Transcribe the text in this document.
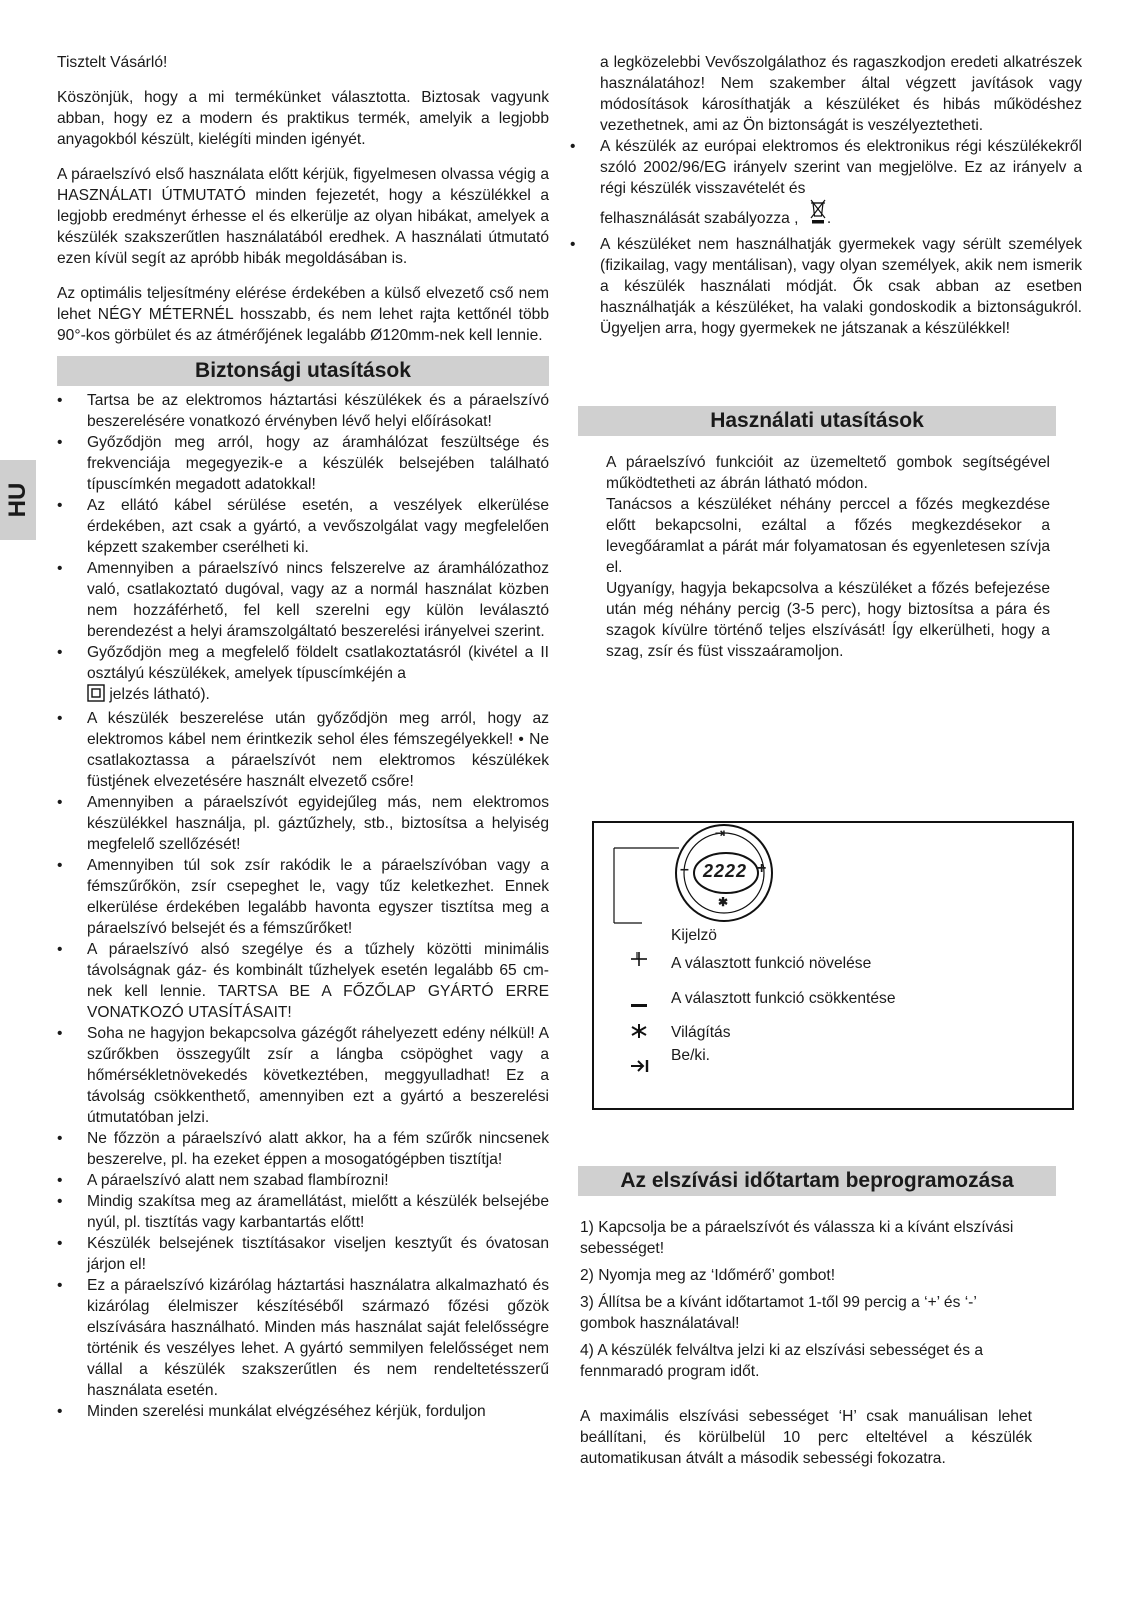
HU

Tisztelt Vásárló!

Köszönjük, hogy a mi termékünket választotta. Biztosak vagyunk abban, hogy ez a modern és praktikus termék, amelyik a legjobb anyagokból készült, kielégíti minden igényét.

A páraelszívó első használata előtt kérjük, figyelmesen olvassa végig a HASZNÁLATI ÚTMUTATÓ minden fejezetét, hogy a készülékkel a legjobb eredményt érhesse el és elkerülje az olyan hibákat, amelyek a készülék szakszerűtlen használatából eredhek. A használati útmutató ezen kívül segít az apróbb hibák megoldásában is.

Az optimális teljesítmény elérése érdekében a külső elvezető cső nem lehet NÉGY MÉTERNÉL hosszabb, és nem lehet rajta kettőnél több 90°-kos görbület és az átmérőjének legalább Ø120mm-nek kell lennie.

Biztonsági utasítások
• Tartsa be az elektromos háztartási készülékek és a páraelszívó beszerelésére vonatkozó érvényben lévő helyi előírásokat!
• Győződjön meg arról, hogy az áramhálózat feszültsége és frekvenciája megegyezik-e a készülék belsejében található típuscímkén megadott adatokkal!
• Az ellátó kábel sérülése esetén, a veszélyek elkerülése érdekében, azt csak a gyártó, a vevőszolgálat vagy megfelelően képzett szakember cserélheti ki.
• Amennyiben a páraelszívó nincs felszerelve az áramhálózathoz való, csatlakoztató dugóval, vagy az a normál használat közben nem hozzáférhető, fel kell szerelni egy külön leválasztó berendezést a helyi áramszolgáltató beszerelési irányelvei szerint.
• Győződjön meg a megfelelő földelt csatlakoztatásról (kivétel a II osztályú készülékek, amelyek típuscímkéjén a
jelzés látható).
• A készülék beszerelése után győződjön meg arról, hogy az elektromos kábel nem érintkezik sehol éles fémszegélyekkel! • Ne csatlakoztassa a páraelszívót nem elektromos készülékek füstjének elvezetésére használt elvezető csőre!
• Amennyiben a páraelszívót egyidejűleg más, nem elektromos készülékkel használja, pl. gáztűzhely, stb., biztosítsa a helyiség megfelelő szellőzését!
• Amennyiben túl sok zsír rakódik le a páraelszívóban vagy a fémszűrőkön, zsír csepeghet le, vagy tűz keletkezhet. Ennek elkerülése érdekében legalább havonta egyszer tisztítsa meg a páraelszívó belsejét és a fémszűrőket!
• A páraelszívó alsó szegélye és a tűzhely közötti minimális távolságnak gáz- és kombinált tűzhelyek esetén legalább 65 cm-nek kell lennie. TARTSA BE A FŐZŐLAP GYÁRTÓ ERRE VONATKOZÓ UTASÍTÁSAIT!
• Soha ne hagyjon bekapcsolva gázégőt ráhelyezett edény nélkül! A szűrőkben összegyűlt zsír a lángba csöpöghet vagy a hőmérsékletnövekedés következtében, meggyulladhat! Ez a távolság csökkenthető, amennyiben ezt a gyártó a beszerelési útmutatóban jelzi.
• Ne főzzön a páraelszívó alatt akkor, ha a fém szűrők nincsenek beszerelve, pl. ha ezeket éppen a mosogatógépben tisztítja!
• A páraelszívó alatt nem szabad flambírozni!
• Mindig szakítsa meg az áramellátást, mielőtt a készülék belsejébe nyúl, pl. tisztítás vagy karbantartás előtt!
• Készülék belsejének tisztításakor viseljen kesztyűt és óvatosan járjon el!
• Ez a páraelszívó kizárólag háztartási használatra alkalmazható és kizárólag élelmiszer készítéséből származó főzési gőzök elszívására használható. Minden más használat saját felelősségre történik és veszélyes lehet. A gyártó semmilyen felelősséget nem vállal a készülék szakszerűtlen és nem rendeltetésszerű használata esetén.
• Minden szerelési munkálat elvégzéséhez kérjük, forduljon

a legközelebbi Vevőszolgálathoz és ragaszkodjon eredeti alkatrészek használatához! Nem szakember által végzett javítások vagy módosítások károsíthatják a készüléket és hibás működéshez vezethetnek, ami az Ön biztonságát is veszélyeztetheti.

• A készülék az európai elektromos és elektronikus régi készülékekről szóló 2002/96/EG irányelv szerint van megjelölve. Ez az irányelv a régi készülék visszavételét és
felhasználását szabályozza , .
• A készüléket nem használhatják gyermekek vagy sérült személyek (fizikailag, vagy mentálisan), vagy olyan személyek, akik nem ismerik a készülék használati módját. Ők csak abban az esetben használhatják a készüléket, ha valaki gondoskodik a biztonságukról. Ügyeljen arra, hogy gyermekek ne játszanak a készülékkel!
Használati utasítások

A páraelszívó funkcióit az üzemeltető gombok segítségével működtetheti az ábrán látható módon.

Tanácsos a készüléket néhány perccel a főzés megkezdése előtt bekapcsolni, ezáltal a főzés megkezdésekor a levegőáramlat a párát már folyamatosan és egyenletesen szívja el.

Ugyanígy, hagyja bekapcsolva a készüléket a főzés befejezése után még néhány percig (3-5 perc), hogy biztosítsa a pára és szagok kívülre történő teljes elszívását! Így elkerülheti, hogy a szag, zsír és füst visszaáramoljon.

2222
⇥
–	+
✱
Kijelzö
A választott funkció növelése
A választott funkció csökkentése
Világítás
Be/ki.
Az elszívási időtartam beprogramozása

1) Kapcsolja be a páraelszívót és válassza ki a kívánt elszívási sebességet!

2) Nyomja meg az ‘Időmérő’ gombot!

3) Állítsa be a kívánt időtartamot 1-től 99 percig a ‘+’ és ‘-’ gombok használatával!

4) A készülék felváltva jelzi ki az elszívási sebességet és a fennmaradó program időt.

A maximális elszívási sebességet ‘H’ csak manuálisan lehet beállítani, és körülbelül 10 perc elteltével a készülék automatikusan átvált a második sebességi fokozatra.
